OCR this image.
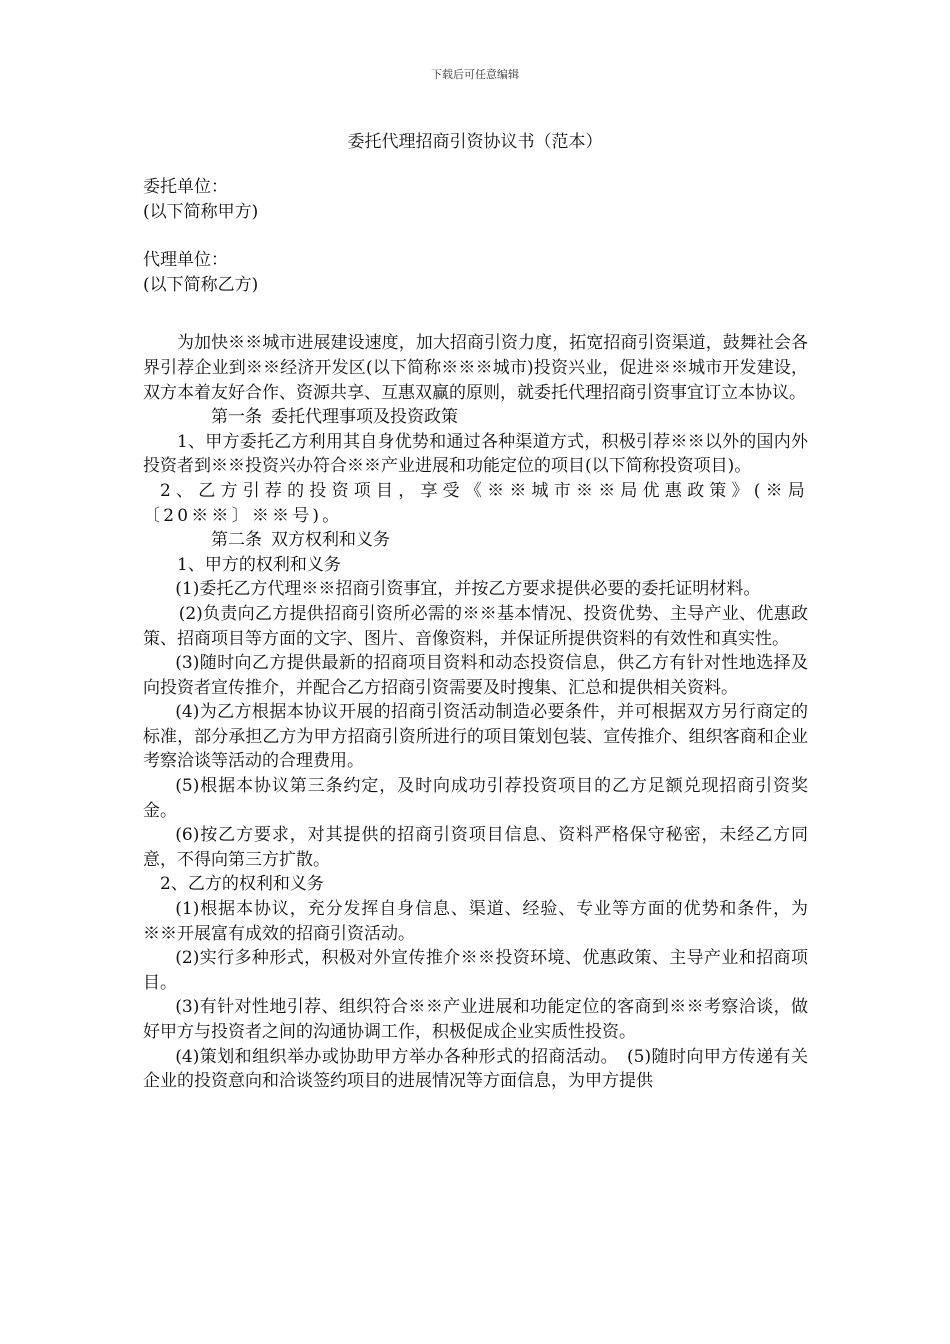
下载后可任意编辑
委托代理招商引资协议书（范本）

委托单位：

(以下简称甲方)

代理单位：

(以下简称乙方)

为加快※※城市进展建设速度，加大招商引资力度，拓宽招商引资渠道，鼓舞社会各界引荐企业到※※经济开发区(以下简称※※※城市)投资兴业，促进※※城市开发建设，双方本着友好合作、资源共享、互惠双赢的原则，就委托代理招商引资事宜订立本协议。

第一条 委托代理事项及投资政策

1、甲方委托乙方利用其自身优势和通过各种渠道方式，积极引荐※※以外的国内外投资者到※※投资兴办符合※※产业进展和功能定位的项目(以下简称投资项目)。

2、乙方引荐的投资项目，享受《※※城市※※局优惠政策》(※局〔20※※〕※※号)。

第二条 双方权利和义务

1、甲方的权利和义务

(1)委托乙方代理※※招商引资事宜，并按乙方要求提供必要的委托证明材料。

(2)负责向乙方提供招商引资所必需的※※基本情况、投资优势、主导产业、优惠政策、招商项目等方面的文字、图片、音像资料，并保证所提供资料的有效性和真实性。

(3)随时向乙方提供最新的招商项目资料和动态投资信息，供乙方有针对性地选择及向投资者宣传推介，并配合乙方招商引资需要及时搜集、汇总和提供相关资料。

(4)为乙方根据本协议开展的招商引资活动制造必要条件，并可根据双方另行商定的标准，部分承担乙方为甲方招商引资所进行的项目策划包装、宣传推介、组织客商和企业考察洽谈等活动的合理费用。

(5)根据本协议第三条约定，及时向成功引荐投资项目的乙方足额兑现招商引资奖金。

(6)按乙方要求，对其提供的招商引资项目信息、资料严格保守秘密，未经乙方同意，不得向第三方扩散。

2、乙方的权利和义务

(1)根据本协议，充分发挥自身信息、渠道、经验、专业等方面的优势和条件，为※※开展富有成效的招商引资活动。

(2)实行多种形式，积极对外宣传推介※※投资环境、优惠政策、主导产业和招商项目。

(3)有针对性地引荐、组织符合※※产业进展和功能定位的客商到※※考察洽谈，做好甲方与投资者之间的沟通协调工作，积极促成企业实质性投资。

(4)策划和组织举办或协助甲方举办各种形式的招商活动。　(5)随时向甲方传递有关企业的投资意向和洽谈签约项目的进展情况等方面信息，为甲方提供
